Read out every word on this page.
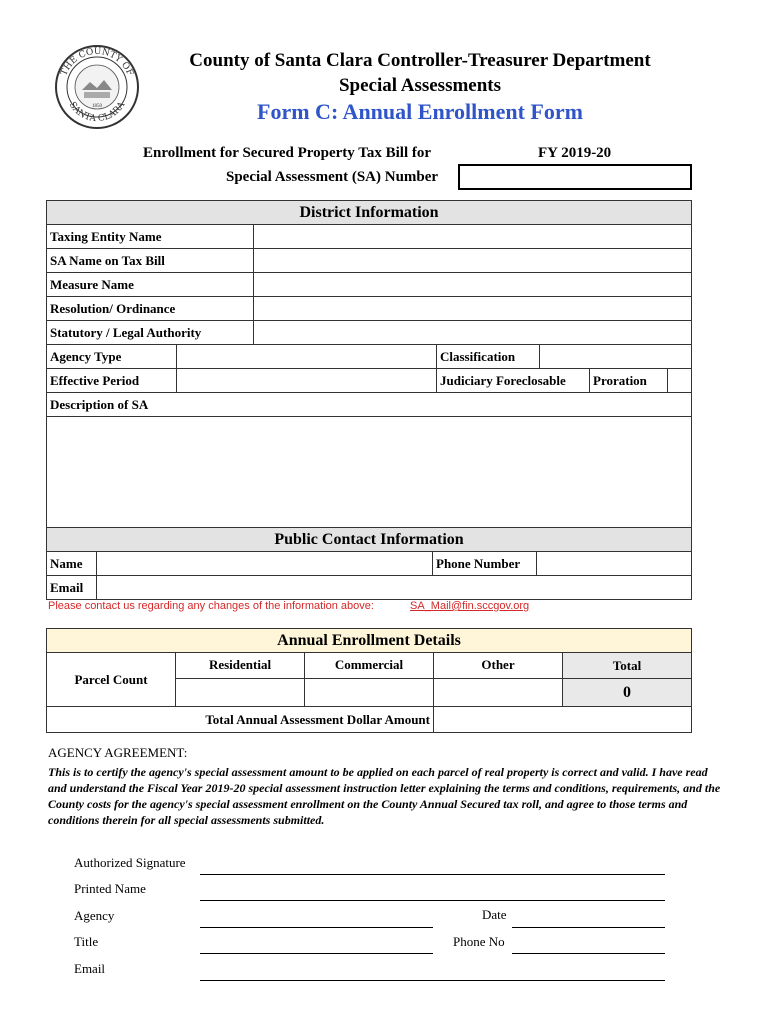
THE COUNTY OF
SANTA CLARA
1850
County of Santa Clara Controller-Treasurer Department
Special Assessments
Form C: Annual Enrollment Form
Enrollment for Secured Property Tax Bill for	FY 2019-20
Special Assessment (SA) Number
District Information						
Taxing Entity Name						
SA Name on Tax Bill						
Measure Name						
Resolution/ Ordinance						
Statutory / Legal Authority						
Agency Type			Classification			
Effective Period			Judiciary Foreclosable		Proration	
Description of SA						

Public Contact Information			
Name		Phone Number	
Email			
Please contact us regarding any changes of the information above:	SA_Mail@fin.sccgov.org
Annual Enrollment Details				
Parcel Count	Residential	Commercial	Other	Total
				0
Total Annual Assessment Dollar Amount				
AGENCY AGREEMENT:
This is to certify the agency's special assessment amount to be applied on each parcel of real property is correct and valid. I have read and understand the Fiscal Year 2019-20 special assessment instruction letter explaining the terms and conditions, requirements, and the County costs for the agency's special assessment enrollment on the County Annual Secured tax roll, and agree to those terms and conditions therein for all special assessments submitted.
Authorized Signature
Printed Name
Agency	Date
Title	Phone No
Email
